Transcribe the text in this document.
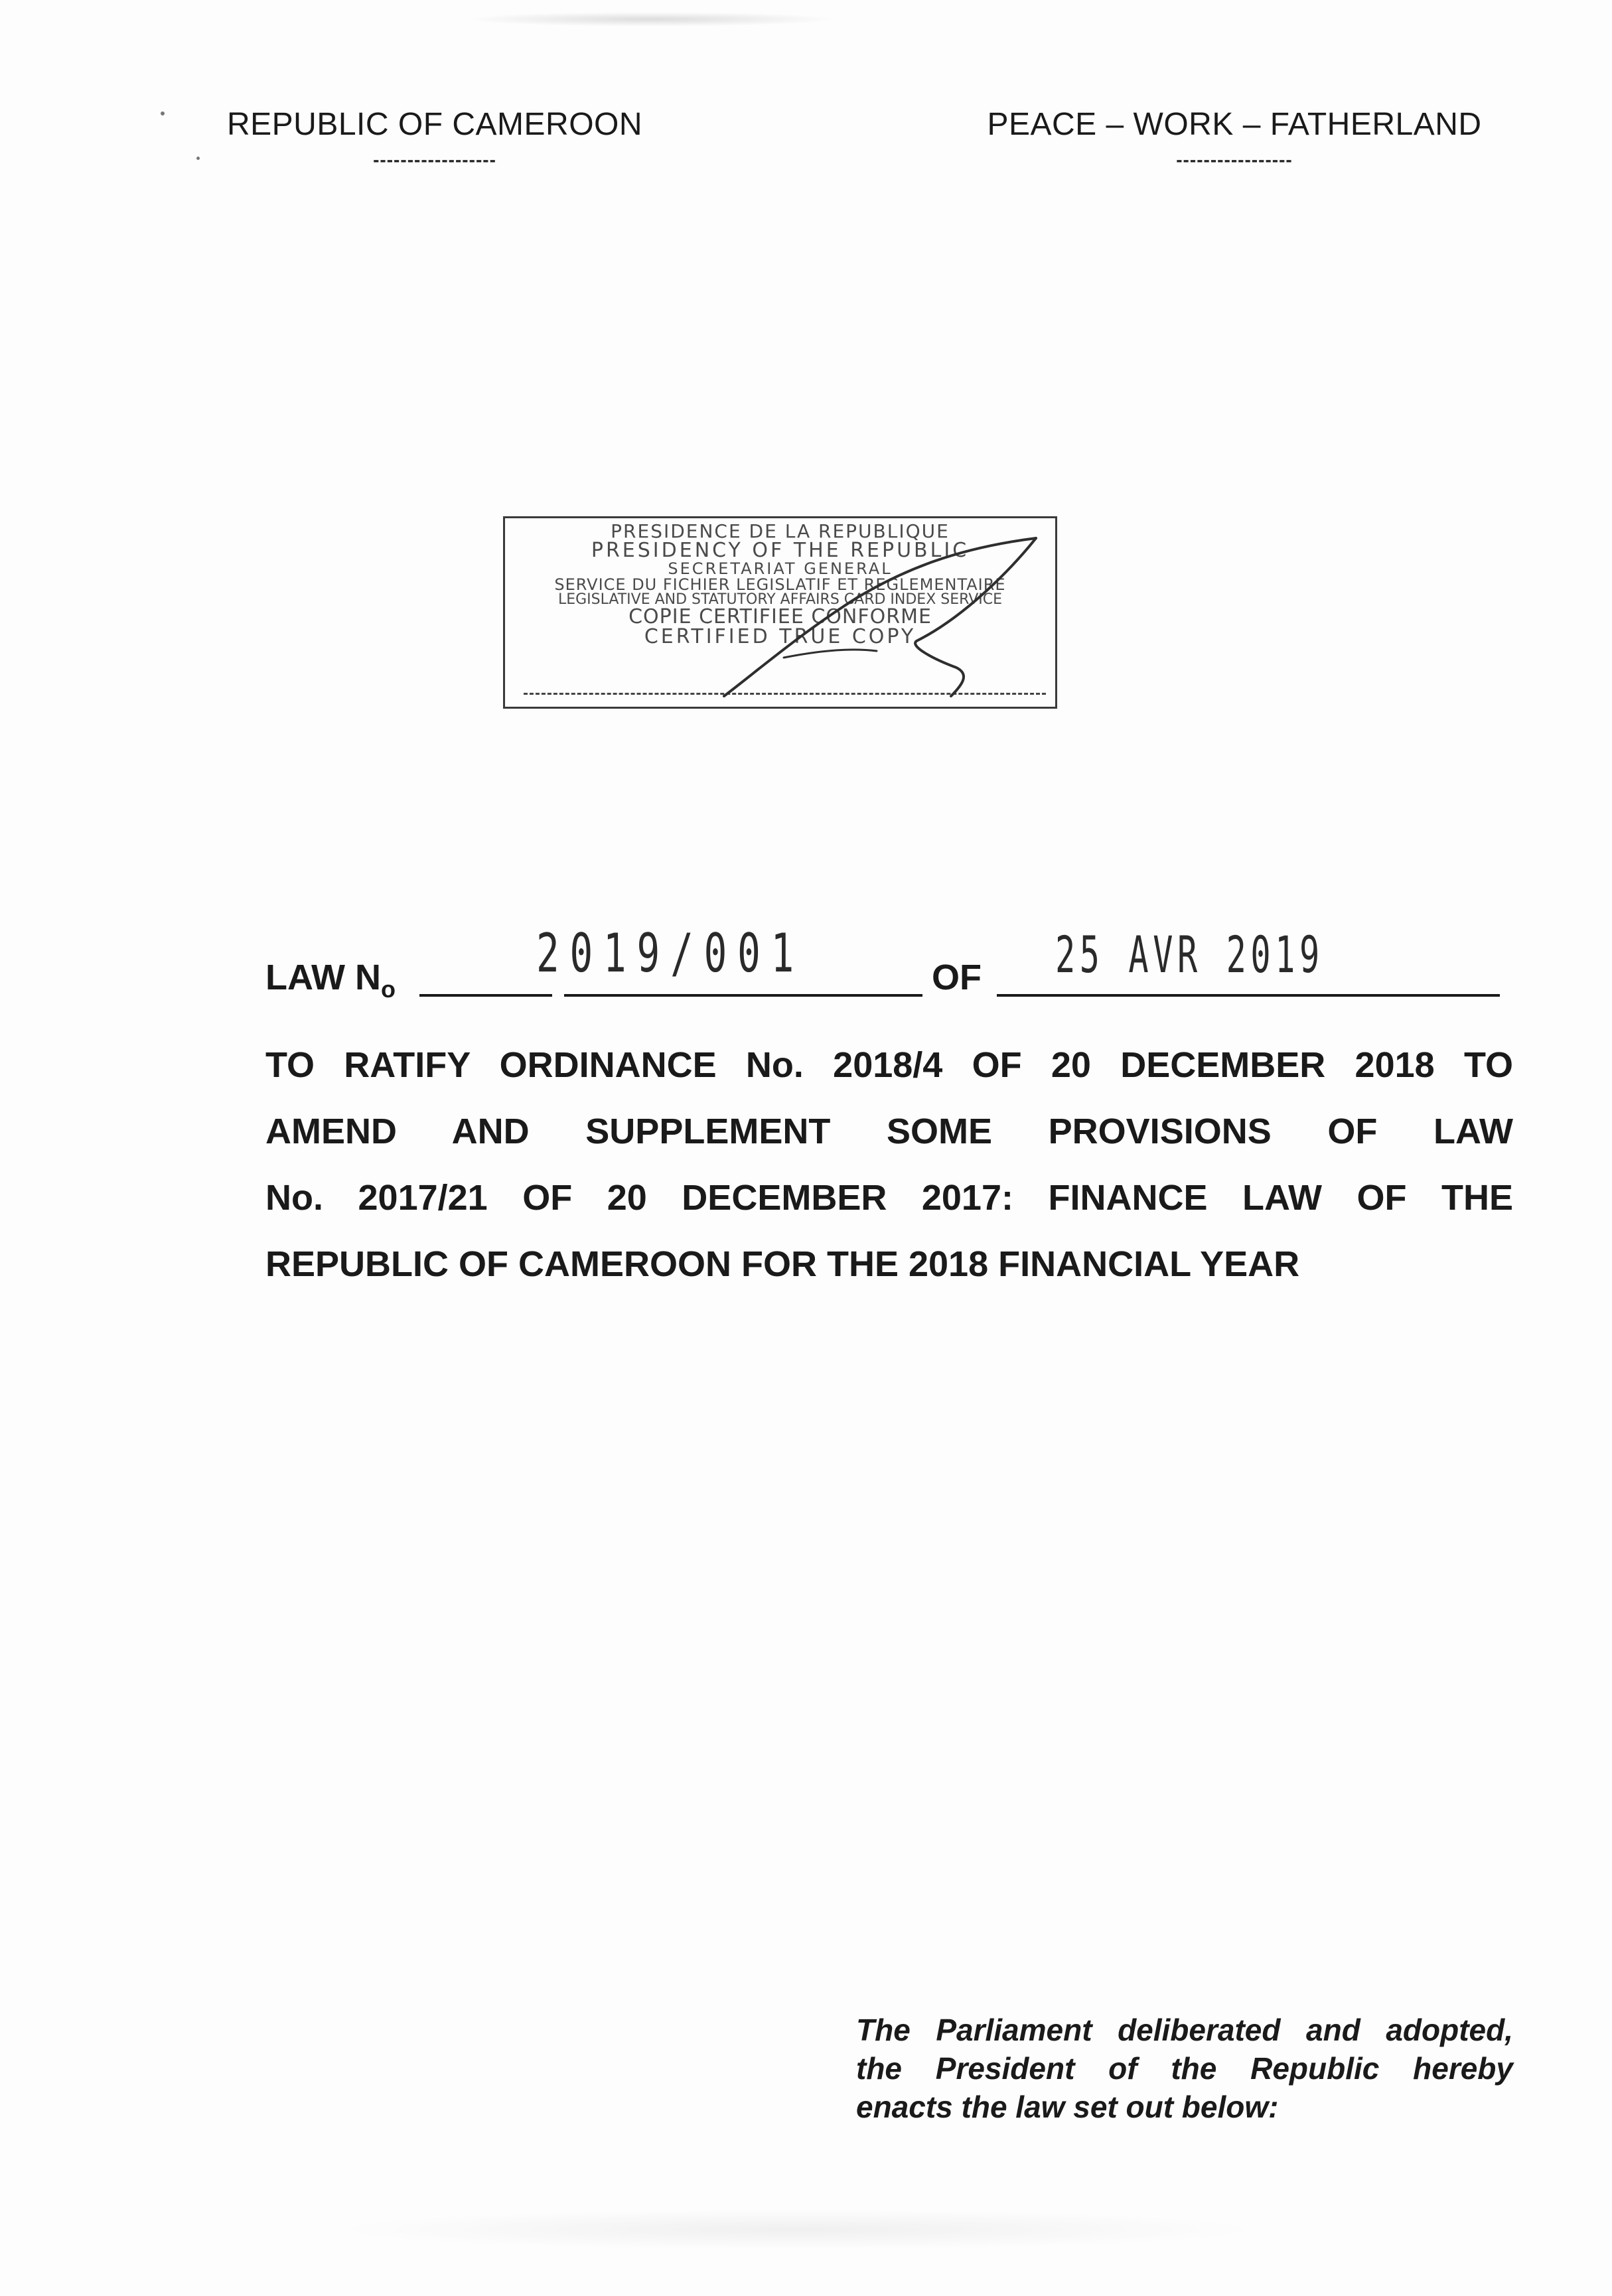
REPUBLIC OF CAMEROON
------------------
PEACE – WORK – FATHERLAND
-----------------
PRESIDENCE DE LA REPUBLIQUE
PRESIDENCY OF THE REPUBLIC
SECRETARIAT GENERAL
SERVICE DU FICHIER LEGISLATIF ET REGLEMENTAIRE
LEGISLATIVE AND STATUTORY AFFAIRS CARD INDEX SERVICE
COPIE CERTIFIEE CONFORME
CERTIFIED TRUE COPY
LAW $N_o$
2019/001	OF 25 AVR 2019
TO RATIFY ORDINANCE No. 2018/4 OF 20 DECEMBER 2018 TO
AMEND AND SUPPLEMENT SOME PROVISIONS OF LAW
No. 2017/21 OF 20 DECEMBER 2017: FINANCE LAW OF THE
REPUBLIC OF CAMEROON FOR THE 2018 FINANCIAL YEAR
The Parliament deliberated and adopted,
the President of the Republic hereby
enacts the law set out below:
